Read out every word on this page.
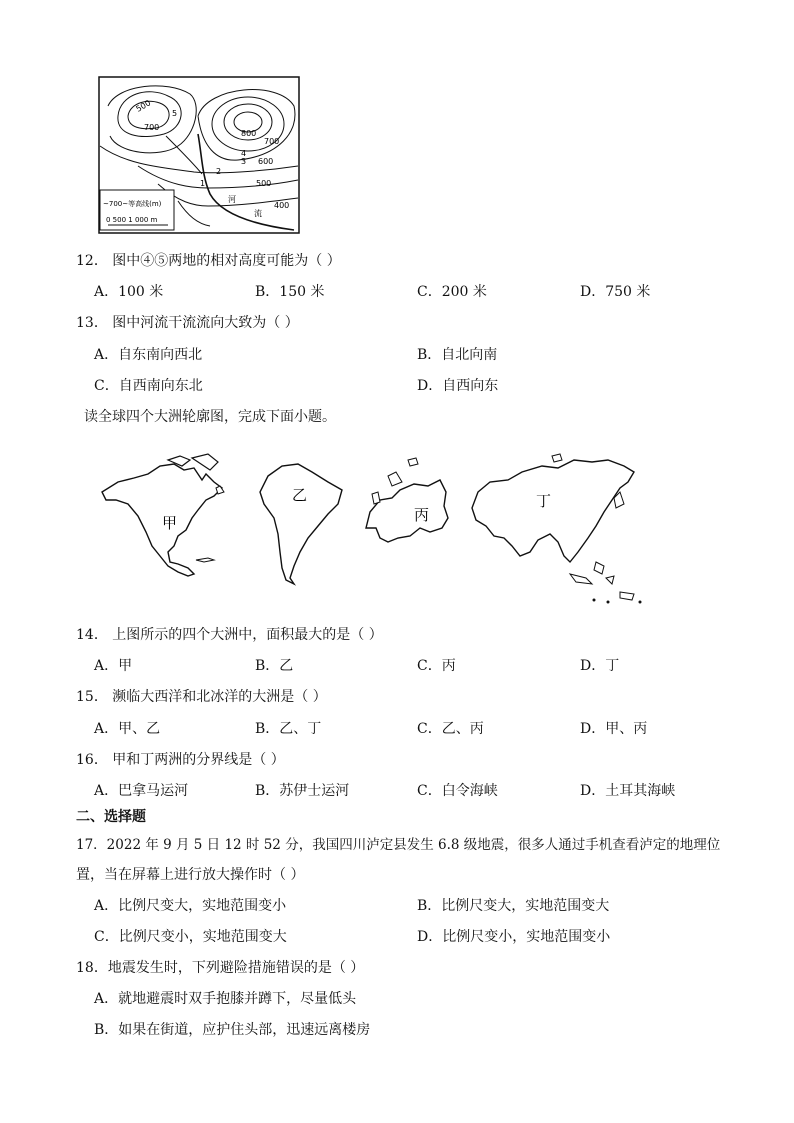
~700~等高线(m)
0 500 1 000 m
500
700
800
700
600
500
400
5
4
3
2
1
河
流
12． 图中④⑤两地的相对高度可能为（ ）
A．100 米	B．150 米	C．200 米	D．750 米
13． 图中河流干流流向大致为（ ）
A．自东南向西北	B．自北向南
C．自西南向东北	D．自西向东
读全球四个大洲轮廓图，完成下面小题。
甲
乙
丙
丁
14． 上图所示的四个大洲中，面积最大的是（ ）
A．甲	B．乙	C．丙	D．丁
15． 濒临大西洋和北冰洋的大洲是（ ）
A．甲、乙	B．乙、丁	C．乙、丙	D．甲、丙
16． 甲和丁两洲的分界线是（ ）
A．巴拿马运河	B．苏伊士运河	C．白令海峡	D．土耳其海峡
二、选择题
17．2022 年 9 月 5 日 12 时 52 分，我国四川泸定县发生 6.8 级地震，很多人通过手机查看泸定的地理位
置，当在屏幕上进行放大操作时（ ）
A．比例尺变大，实地范围变小	B．比例尺变大，实地范围变大
C．比例尺变小，实地范围变大	D．比例尺变小，实地范围变小
18．地震发生时，下列避险措施错误的是（ ）
A．就地避震时双手抱膝并蹲下，尽量低头
B．如果在街道，应护住头部，迅速远离楼房
